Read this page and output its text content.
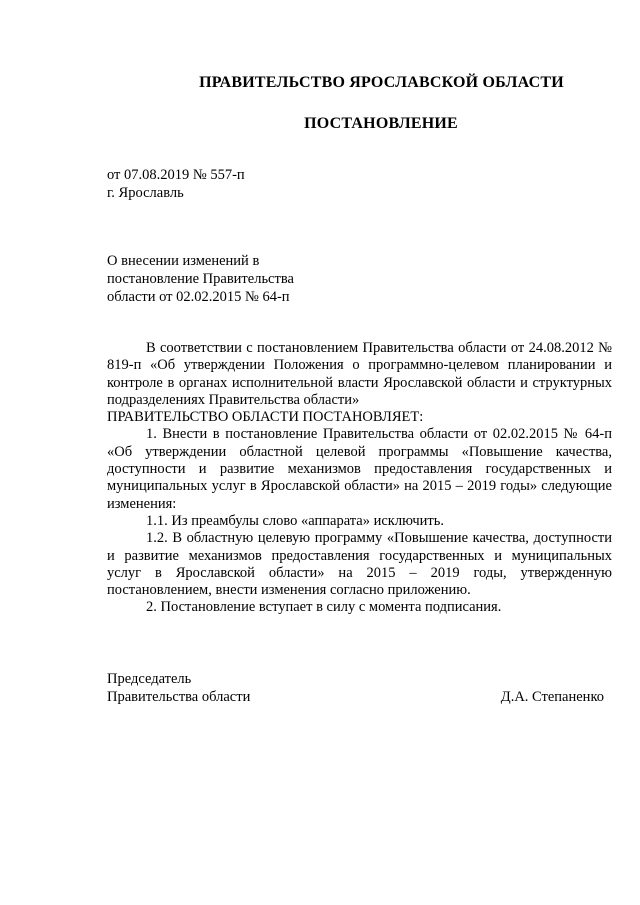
ПРАВИТЕЛЬСТВО ЯРОСЛАВСКОЙ ОБЛАСТИ
ПОСТАНОВЛЕНИЕ
от 07.08.2019 № 557-п
г. Ярославль
О внесении изменений в
постановление Правительства
области от 02.02.2015 № 64-п

В соответствии с постановлением Правительства области от 24.08.2012 № 819-п «Об утверждении Положения о программно-целевом планировании и контроле в органах исполнительной власти Ярославской области и структурных подразделениях Правительства области»

ПРАВИТЕЛЬСТВО ОБЛАСТИ ПОСТАНОВЛЯЕТ:

1. Внести в постановление Правительства области от 02.02.2015 № 64-п «Об утверждении областной целевой программы «Повышение качества, доступности и развитие механизмов предоставления государственных и муниципальных услуг в Ярославской области» на 2015 – 2019 годы» следующие изменения:

1.1. Из преамбулы слово «аппарата» исключить.

1.2. В областную целевую программу «Повышение качества, доступности и развитие механизмов предоставления государственных и муниципальных услуг в Ярославской области» на 2015 – 2019 годы, утвержденную постановлением, внести изменения согласно приложению.

2. Постановление вступает в силу с момента подписания.

Председатель
Правительства области	Д.А. Степаненко
